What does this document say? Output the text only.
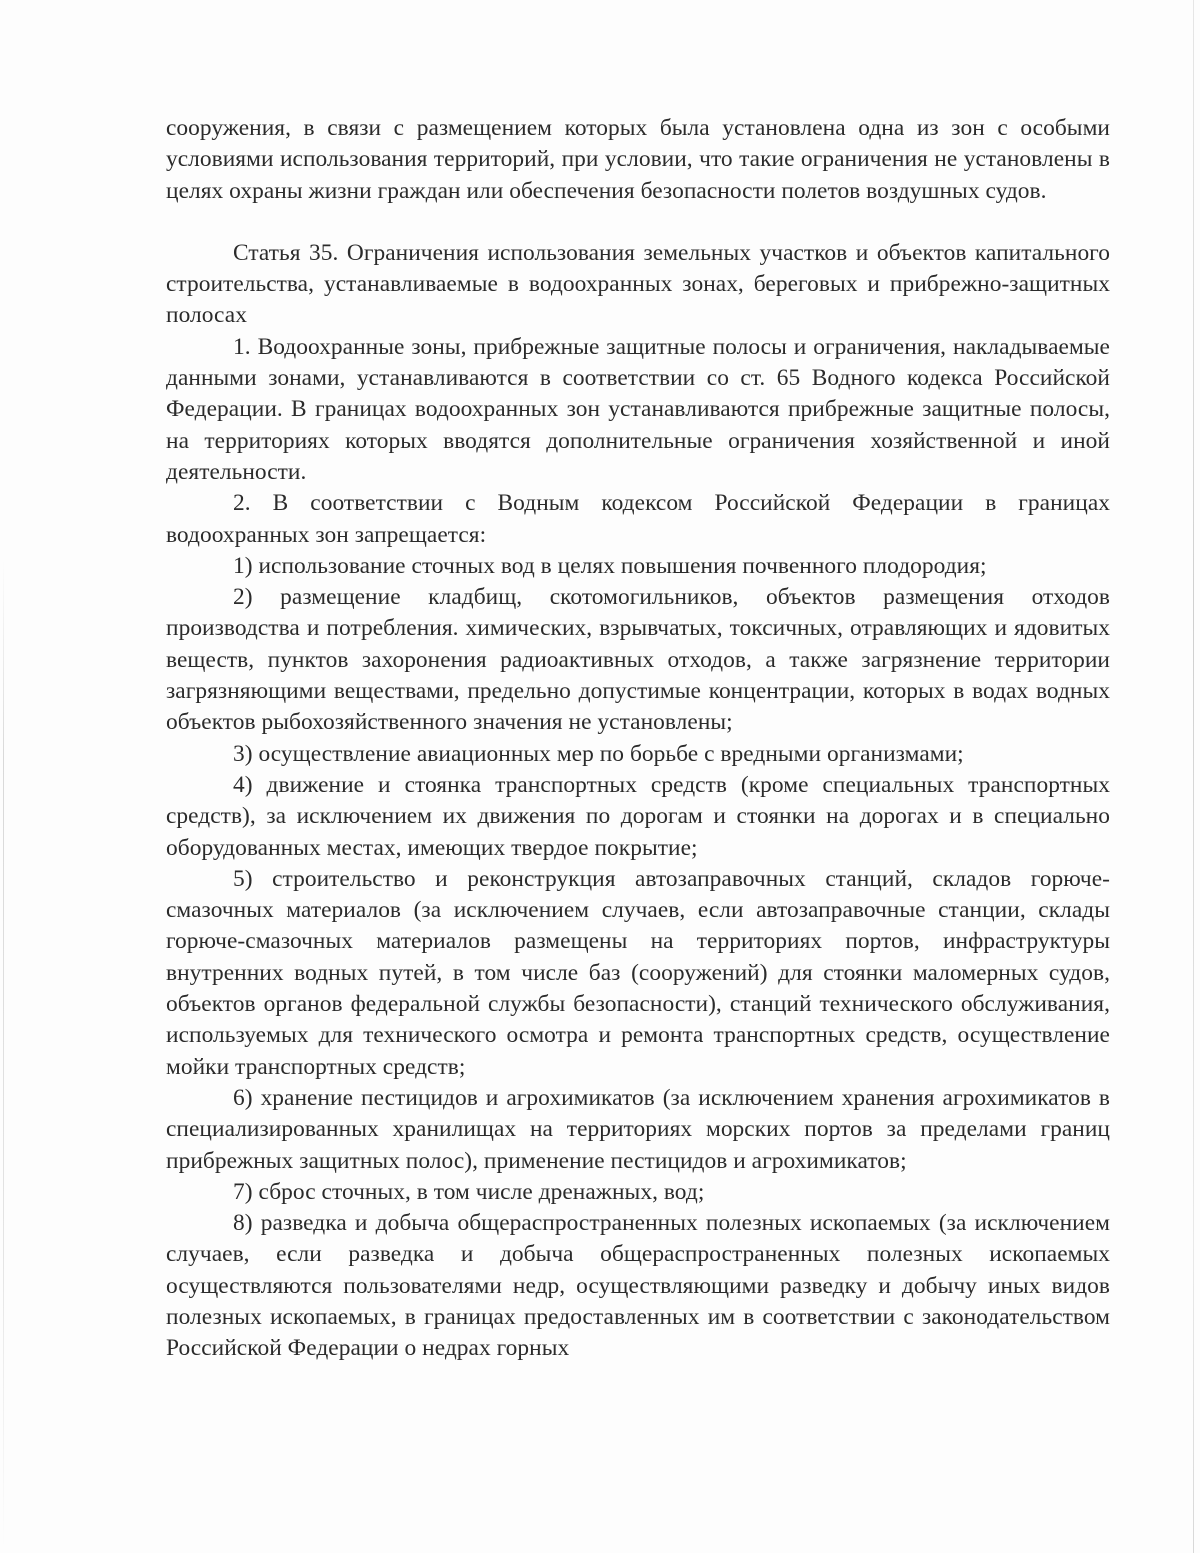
сооружения, в связи с размещением которых была установлена одна из зон с особыми условиями использования территорий, при условии, что такие ограничения не установлены в целях охраны жизни граждан или обеспечения безопасности полетов воздушных судов.

Статья 35. Ограничения использования земельных участков и объектов капитального строительства, устанавливаемые в водоохранных зонах, береговых и прибрежно-защитных полосах

1. Водоохранные зоны, прибрежные защитные полосы и ограничения, накладываемые данными зонами, устанавливаются в соответствии со ст. 65 Водного кодекса Российской Федерации. В границах водоохранных зон устанавливаются прибрежные защитные полосы, на территориях которых вводятся дополнительные ограничения хозяйственной и иной деятельности.

2. В соответствии с Водным кодексом Российской Федерации в границах водоохранных зон запрещается:

1) использование сточных вод в целях повышения почвенного плодородия;

2) размещение кладбищ, скотомогильников, объектов размещения отходов производства и потребления. химических, взрывчатых, токсичных, отравляющих и ядовитых веществ, пунктов захоронения радиоактивных отходов, а также загрязнение территории загрязняющими веществами, предельно допустимые концентрации, которых в водах водных объектов рыбохозяйственного значения не установлены;

3) осуществление авиационных мер по борьбе с вредными организмами;

4) движение и стоянка транспортных средств (кроме специальных транспортных средств), за исключением их движения по дорогам и стоянки на дорогах и в специально оборудованных местах, имеющих твердое покрытие;

5) строительство и реконструкция автозаправочных станций, складов горюче-смазочных материалов (за исключением случаев, если автозаправочные станции, склады горюче-смазочных материалов размещены на территориях портов, инфраструктуры внутренних водных путей, в том числе баз (сооружений) для стоянки маломерных судов, объектов органов федеральной службы безопасности), станций технического обслуживания, используемых для технического осмотра и ремонта транспортных средств, осуществление мойки транспортных средств;

6) хранение пестицидов и агрохимикатов (за исключением хранения агрохимикатов в специализированных хранилищах на территориях морских портов за пределами границ прибрежных защитных полос), применение пестицидов и агрохимикатов;

7) сброс сточных, в том числе дренажных, вод;

8) разведка и добыча общераспространенных полезных ископаемых (за исключением случаев, если разведка и добыча общераспространенных полезных ископаемых осуществляются пользователями недр, осуществляющими разведку и добычу иных видов полезных ископаемых, в границах предоставленных им в соответствии с законодательством Российской Федерации о недрах горных
